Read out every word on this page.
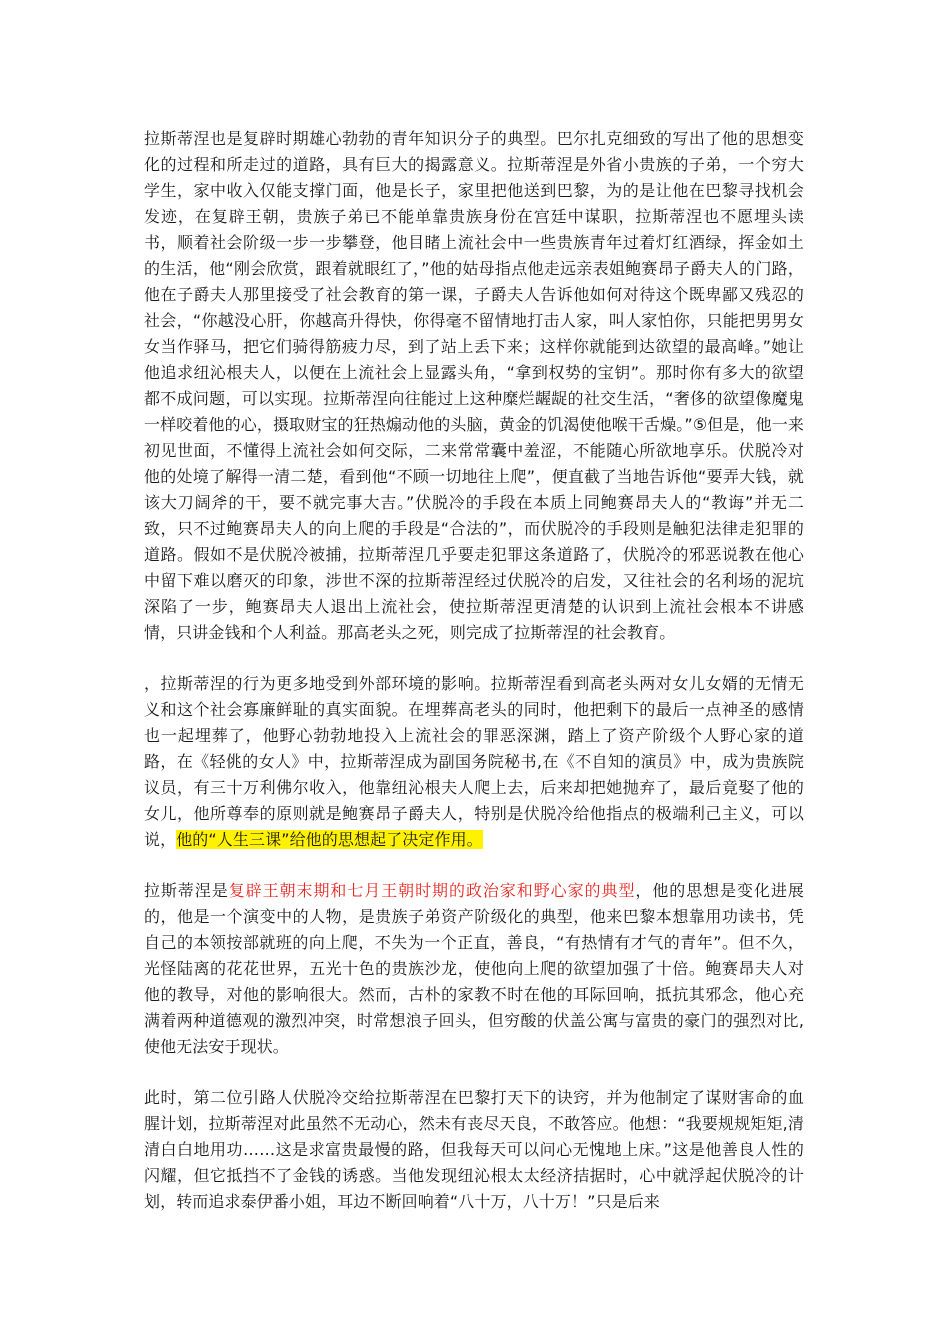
拉斯蒂涅也是复辟时期雄心勃勃的青年知识分子的典型。巴尔扎克细致的写出了他的思想变化的过程和所走过的道路，具有巨大的揭露意义。拉斯蒂涅是外省小贵族的子弟，一个穷大学生，家中收入仅能支撑门面，他是长子，家里把他送到巴黎，为的是让他在巴黎寻找机会发迹，在复辟王朝，贵族子弟已不能单靠贵族身份在宫廷中谋职，拉斯蒂涅也不愿埋头读书，顺着社会阶级一步一步攀登，他目睹上流社会中一些贵族青年过着灯红酒绿，挥金如土的生活，他“刚会欣赏，跟着就眼红了，”他的姑母指点他走远亲表姐鲍赛昂子爵夫人的门路，他在子爵夫人那里接受了社会教育的第一课，子爵夫人告诉他如何对待这个既卑鄙又残忍的社会，“你越没心肝，你越高升得快，你得毫不留情地打击人家，叫人家怕你，只能把男男女女当作驿马，把它们骑得筋疲力尽，到了站上丢下来；这样你就能到达欲望的最高峰。”她让他追求纽沁根夫人，以便在上流社会上显露头角，“拿到权势的宝钥”。那时你有多大的欲望都不成问题，可以实现。拉斯蒂涅向往能过上这种糜烂龌龊的社交生活，“奢侈的欲望像魔鬼一样咬着他的心，摄取财宝的狂热煽动他的头脑，黄金的饥渴使他喉干舌燥。”⑤但是，他一来初见世面，不懂得上流社会如何交际，二来常常囊中羞涩，不能随心所欲地享乐。伏脱冷对他的处境了解得一清二楚，看到他“不顾一切地往上爬”，便直截了当地告诉他“要弄大钱，就该大刀阔斧的干，要不就完事大吉。”伏脱冷的手段在本质上同鲍赛昂夫人的“教诲”并无二致，只不过鲍赛昂夫人的向上爬的手段是“合法的”，而伏脱冷的手段则是触犯法律走犯罪的道路。假如不是伏脱冷被捕，拉斯蒂涅几乎要走犯罪这条道路了，伏脱冷的邪恶说教在他心中留下难以磨灭的印象，涉世不深的拉斯蒂涅经过伏脱冷的启发，又往社会的名利场的泥坑深陷了一步，鲍赛昂夫人退出上流社会，使拉斯蒂涅更清楚的认识到上流社会根本不讲感情，只讲金钱和个人利益。那高老头之死，则完成了拉斯蒂涅的社会教育。

，拉斯蒂涅的行为更多地受到外部环境的影响。拉斯蒂涅看到高老头两对女儿女婿的无情无义和这个社会寡廉鲜耻的真实面貌。在埋葬高老头的同时，他把剩下的最后一点神圣的感情也一起埋葬了，他野心勃勃地投入上流社会的罪恶深渊，踏上了资产阶级个人野心家的道路，在《轻佻的女人》中，拉斯蒂涅成为副国务院秘书,在《不自知的演员》中，成为贵族院议员，有三十万利佛尔收入，他靠纽沁根夫人爬上去，后来却把她抛弃了，最后竟娶了他的女儿，他所尊奉的原则就是鲍赛昂子爵夫人，特别是伏脱冷给他指点的极端利己主义，可以说，他的“人生三课”给他的思想起了决定作用。

拉斯蒂涅是复辟王朝末期和七月王朝时期的政治家和野心家的典型，他的思想是变化进展的，他是一个演变中的人物，是贵族子弟资产阶级化的典型，他来巴黎本想靠用功读书，凭自己的本领按部就班的向上爬，不失为一个正直，善良，“有热情有才气的青年”。但不久，光怪陆离的花花世界，五光十色的贵族沙龙，使他向上爬的欲望加强了十倍。鲍赛昂夫人对他的教导，对他的影响很大。然而，古朴的家教不时在他的耳际回响，抵抗其邪念，他心充满着两种道德观的激烈冲突，时常想浪子回头，但穷酸的伏盖公寓与富贵的豪门的强烈对比,使他无法安于现状。

此时，第二位引路人伏脱冷交给拉斯蒂涅在巴黎打天下的诀窍，并为他制定了谋财害命的血腥计划，拉斯蒂涅对此虽然不无动心，然未有丧尽天良，不敢答应。他想：“我要规规矩矩,清清白白地用功……这是求富贵最慢的路，但我每天可以问心无愧地上床。”这是他善良人性的闪耀，但它抵挡不了金钱的诱惑。当他发现纽沁根太太经济拮据时，心中就浮起伏脱冷的计划，转而追求泰伊番小姐，耳边不断回响着“八十万，八十万！”只是后来
